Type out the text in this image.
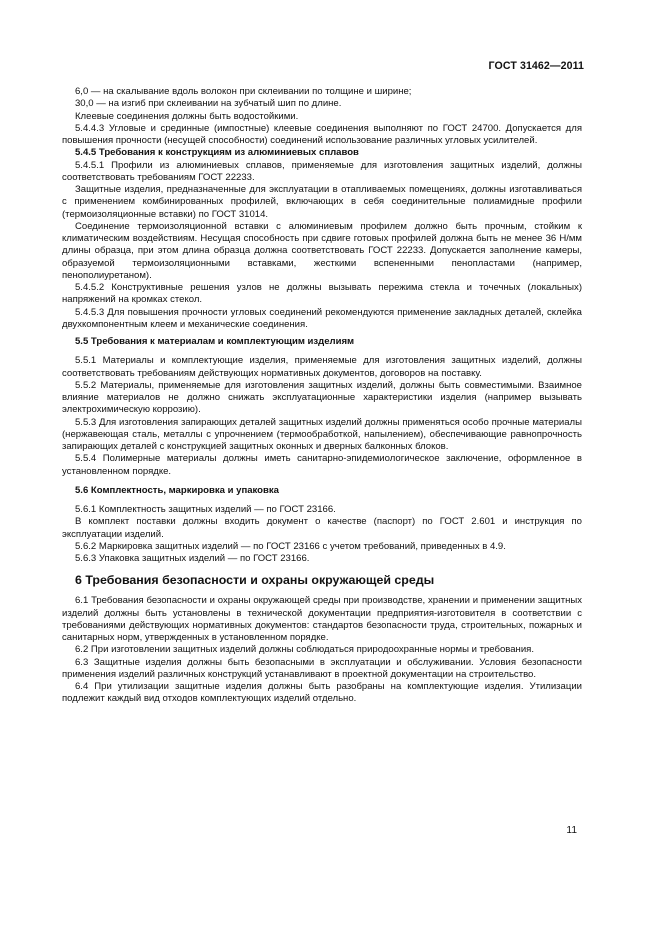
ГОСТ 31462—2011

6,0 — на скалывание вдоль волокон при склеивании по толщине и ширине;

30,0 — на изгиб при склеивании на зубчатый шип по длине.

Клеевые соединения должны быть водостойкими.

5.4.4.3 Угловые и срединные (импостные) клеевые соединения выполняют по ГОСТ 24700. Допускается для повышения прочности (несущей способности) соединений использование различных угловых усилителей.

5.4.5 Требования к конструкциям из алюминиевых сплавов

5.4.5.1 Профили из алюминиевых сплавов, применяемые для изготовления защитных изделий, должны соответствовать требованиям ГОСТ 22233.

Защитные изделия, предназначенные для эксплуатации в отапливаемых помещениях, должны изготавливаться с применением комбинированных профилей, включающих в себя соединительные полиамидные профили (термоизоляционные вставки) по ГОСТ 31014.

Соединение термоизоляционной вставки с алюминиевым профилем должно быть прочным, стойким к климатическим воздействиям. Несущая способность при сдвиге готовых профилей должна быть не менее 36 Н/мм длины образца, при этом длина образца должна соответствовать ГОСТ 22233. Допускается заполнение камеры, образуемой термоизоляционными вставками, жесткими вспененными пенопластами (например, пенополиуретаном).

5.4.5.2 Конструктивные решения узлов не должны вызывать пережима стекла и точечных (локальных) напряжений на кромках стекол.

5.4.5.3 Для повышения прочности угловых соединений рекомендуются применение закладных деталей, склейка двухкомпонентным клеем и механические соединения.

5.5 Требования к материалам и комплектующим изделиям

5.5.1 Материалы и комплектующие изделия, применяемые для изготовления защитных изделий, должны соответствовать требованиям действующих нормативных документов, договоров на поставку.

5.5.2 Материалы, применяемые для изготовления защитных изделий, должны быть совместимыми. Взаимное влияние материалов не должно снижать эксплуатационные характеристики изделия (например вызывать электрохимическую коррозию).

5.5.3 Для изготовления запирающих деталей защитных изделий должны применяться особо прочные материалы (нержавеющая сталь, металлы с упрочнением (термообработкой, напылением), обеспечивающие равнопрочность запирающих деталей с конструкцией защитных оконных и дверных балконных блоков.

5.5.4 Полимерные материалы должны иметь санитарно-эпидемиологическое заключение, оформленное в установленном порядке.

5.6 Комплектность, маркировка и упаковка

5.6.1 Комплектность защитных изделий — по ГОСТ 23166.

В комплект поставки должны входить документ о качестве (паспорт) по ГОСТ 2.601 и инструкция по эксплуатации изделий.

5.6.2 Маркировка защитных изделий — по ГОСТ 23166 с учетом требований, приведенных в 4.9.

5.6.3 Упаковка защитных изделий — по ГОСТ 23166.

6 Требования безопасности и охраны окружающей среды

6.1 Требования безопасности и охраны окружающей среды при производстве, хранении и применении защитных изделий должны быть установлены в технической документации предприятия-изготовителя в соответствии с требованиями действующих нормативных документов: стандартов безопасности труда, строительных, пожарных и санитарных норм, утвержденных в установленном порядке.

6.2 При изготовлении защитных изделий должны соблюдаться природоохранные нормы и требования.

6.3 Защитные изделия должны быть безопасными в эксплуатации и обслуживании. Условия безопасности применения изделий различных конструкций устанавливают в проектной документации на строительство.

6.4 При утилизации защитные изделия должны быть разобраны на комплектующие изделия. Утилизации подлежит каждый вид отходов комплектующих изделий отдельно.

11
